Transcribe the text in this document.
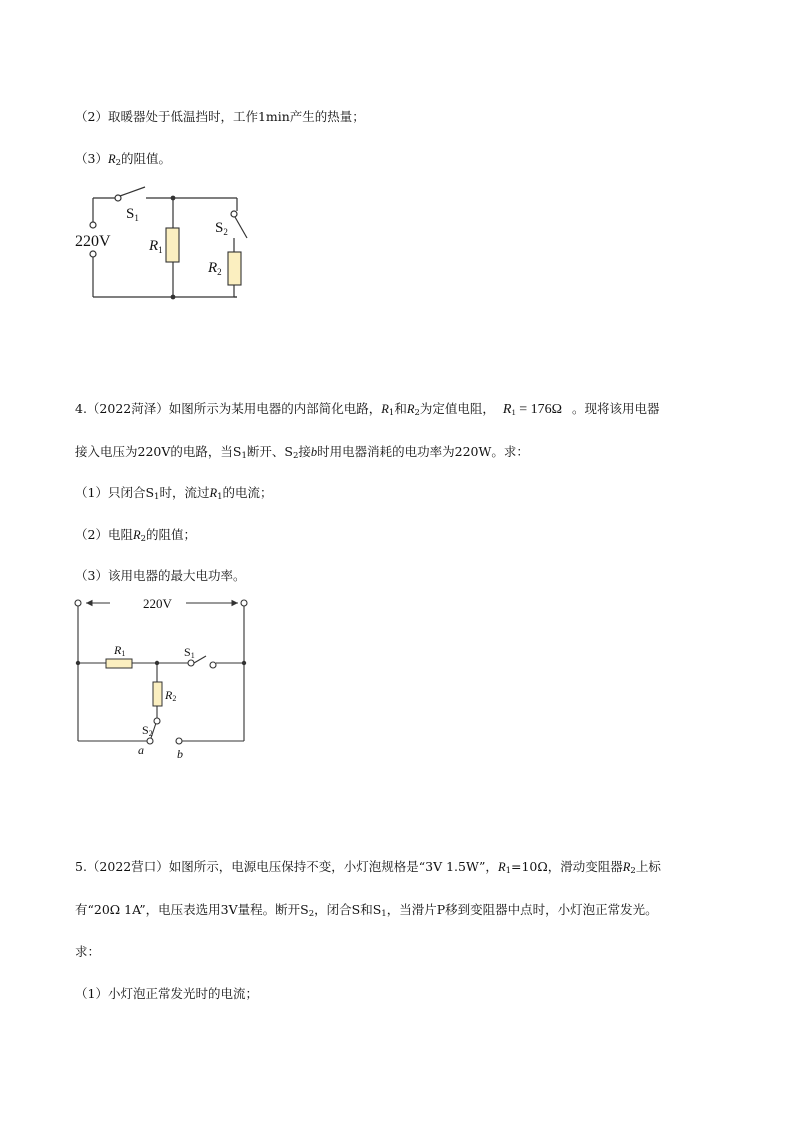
（2）取暖器处于低温挡时，工作1min产生的热量；
$(3)R_2$的阻值。
220V
$S_1$
$S_2$
$R_1$
$R_2$
4.（2022菏泽）如图所示为某用电器的内部简化电路，$R_1$和$R_2$为定值电阻， $R_1 = 176\Omega$ 。现将该用电器
接入电压为220V的电路，当$S_1$断开、$S_2$接b时用电器消耗的电功率为220W。求：
（1）只闭合$S_1$时，流过$R_1$的电流；
（2）电阻$R_2$的阻值；
（3）该用电器的最大电功率。
220V
R1
R2
S1
S2
a	b
5.（2022营口）如图所示，电源电压保持不变，小灯泡规格是“3V 1.5W”，$R_1=10\Omega$，滑动变阻器$R_2$上标
有“20Ω 1A”，电压表选用3V量程。断开$S_2$，闭合S和$S_1$，当滑片P移到变阻器中点时，小灯泡正常发光。
求：
（1）小灯泡正常发光时的电流；
